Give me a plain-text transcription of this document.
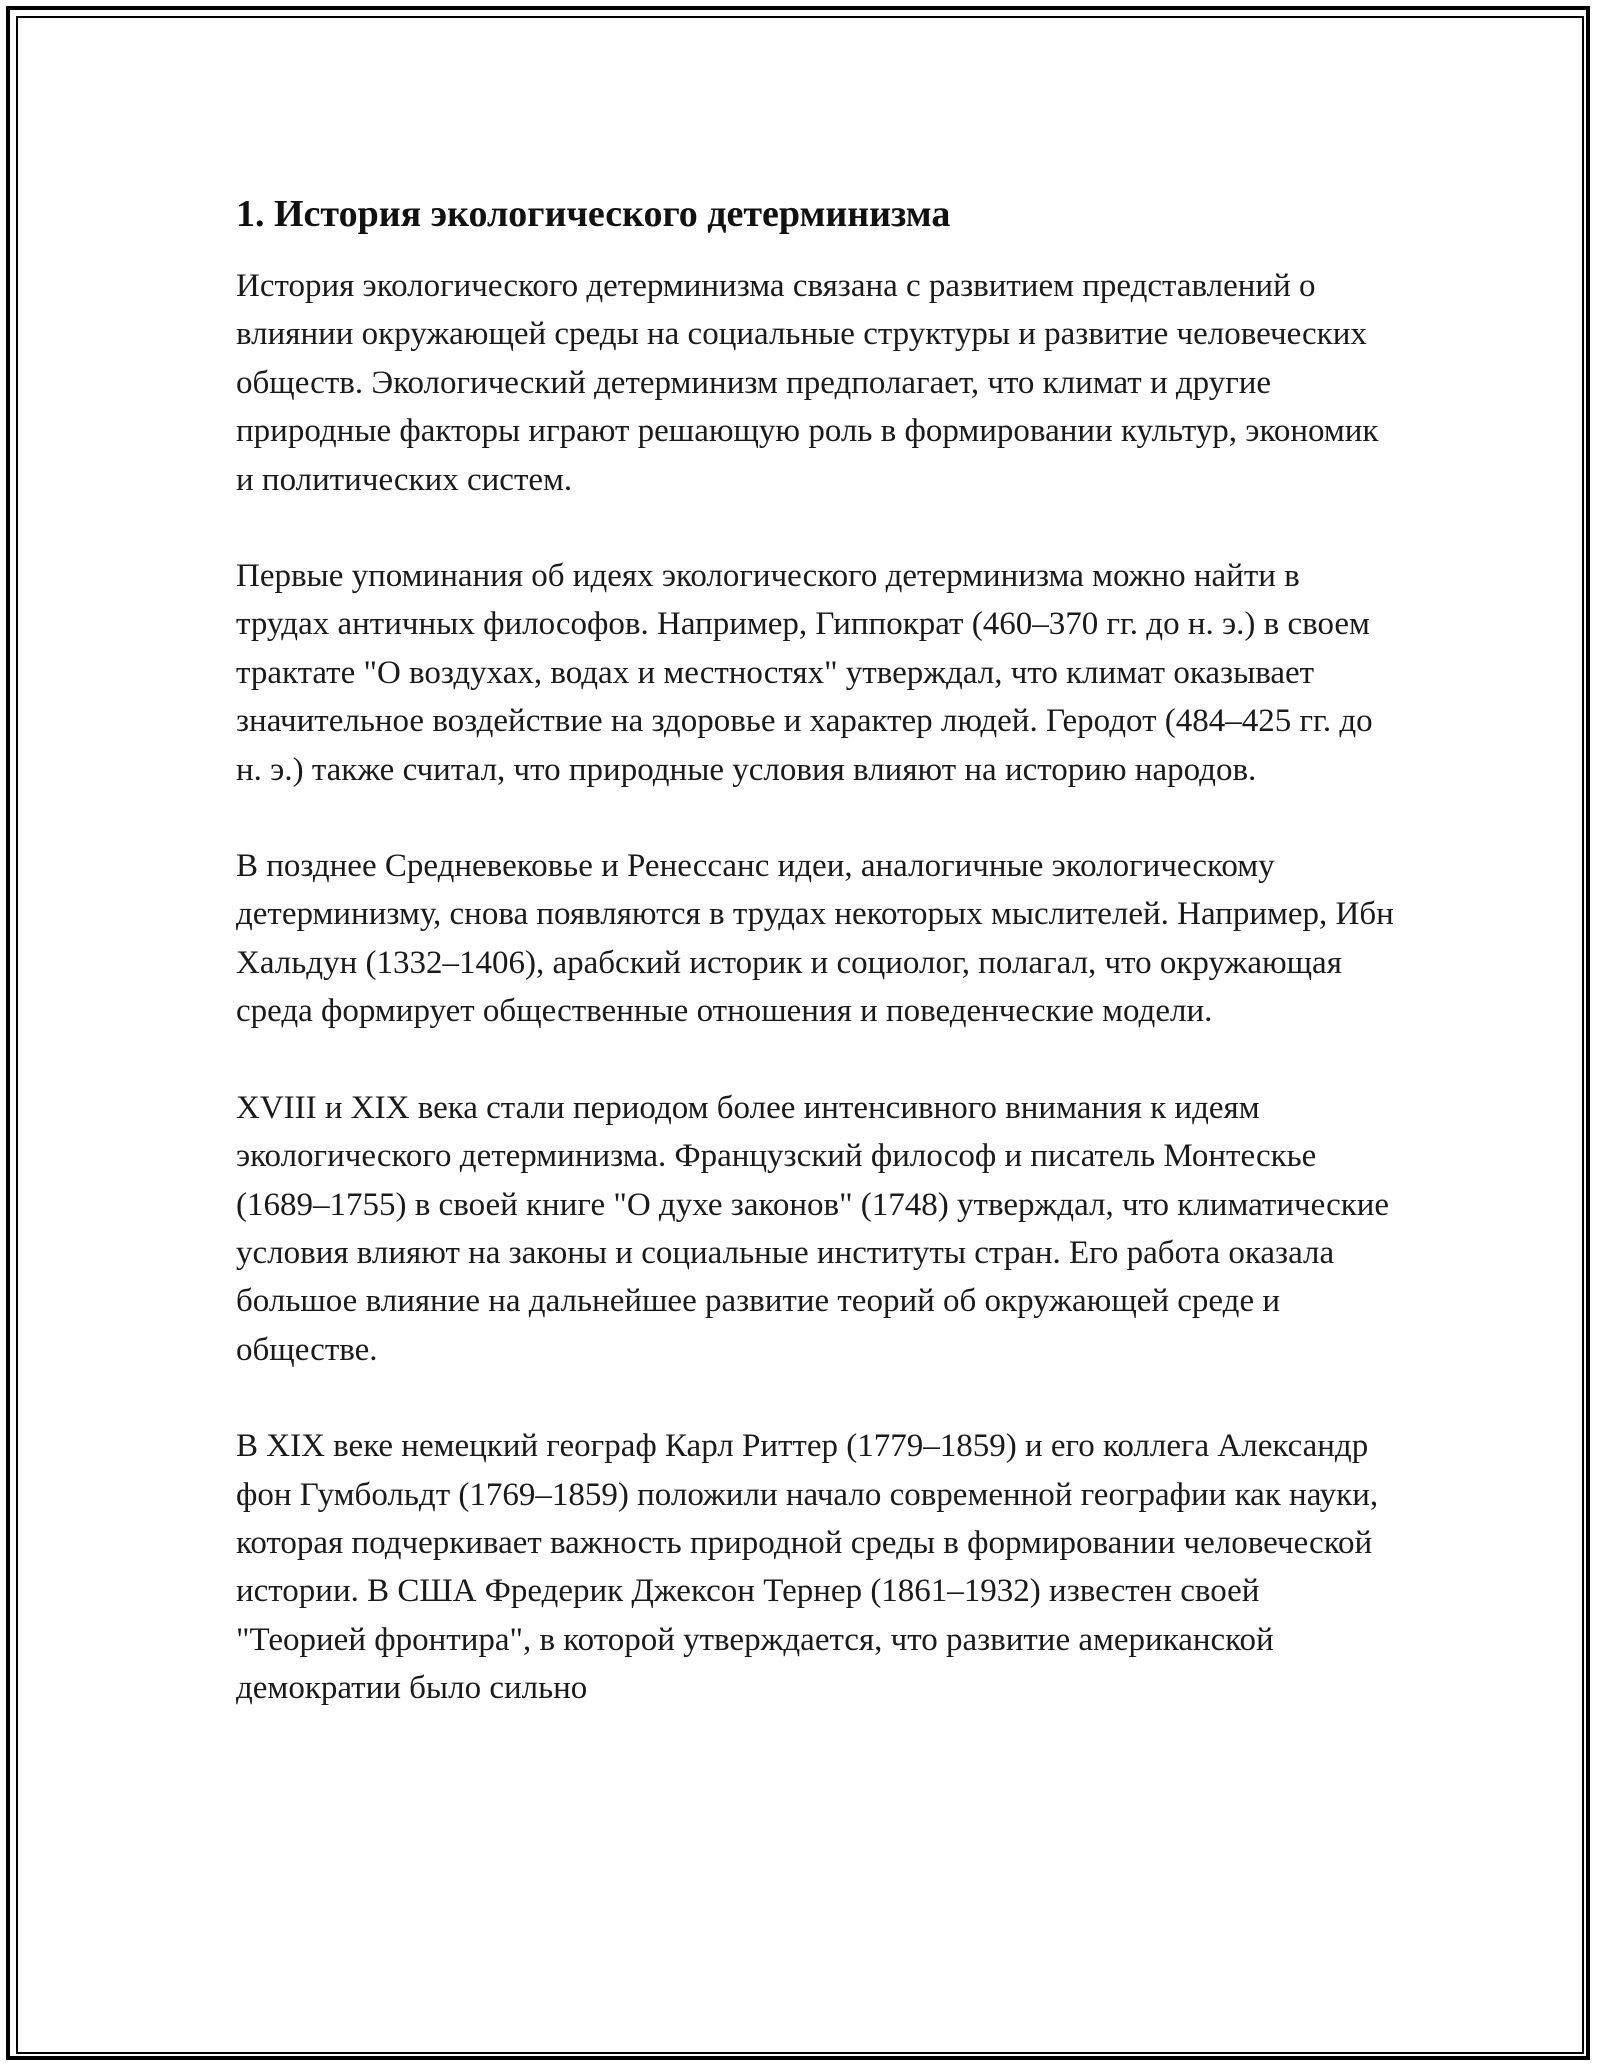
1. История экологического детерминизма

История экологического детерминизма связана с развитием представлений о влиянии окружающей среды на социальные структуры и развитие человеческих обществ. Экологический детерминизм предполагает, что климат и другие природные факторы играют решающую роль в формировании культур, экономик и политических систем.

Первые упоминания об идеях экологического детерминизма можно найти в трудах античных философов. Например, Гиппократ (460–370 гг. до н. э.) в своем трактате "О воздухах, водах и местностях" утверждал, что климат оказывает значительное воздействие на здоровье и характер людей. Геродот (484–425 гг. до н. э.) также считал, что природные условия влияют на историю народов.

В позднее Средневековье и Ренессанс идеи, аналогичные экологическому детерминизму, снова появляются в трудах некоторых мыслителей. Например, Ибн Хальдун (1332–1406), арабский историк и социолог, полагал, что окружающая среда формирует общественные отношения и поведенческие модели.

XVIII и XIX века стали периодом более интенсивного внимания к идеям экологического детерминизма. Французский философ и писатель Монтескье (1689–1755) в своей книге "О духе законов" (1748) утверждал, что климатические условия влияют на законы и социальные институты стран. Его работа оказала большое влияние на дальнейшее развитие теорий об окружающей среде и обществе.

В XIX веке немецкий географ Карл Риттер (1779–1859) и его коллега Александр фон Гумбольдт (1769–1859) положили начало современной географии как науки, которая подчеркивает важность природной среды в формировании человеческой истории. В США Фредерик Джексон Тернер (1861–1932) известен своей "Теорией фронтира", в которой утверждается, что развитие американской демократии было сильно
